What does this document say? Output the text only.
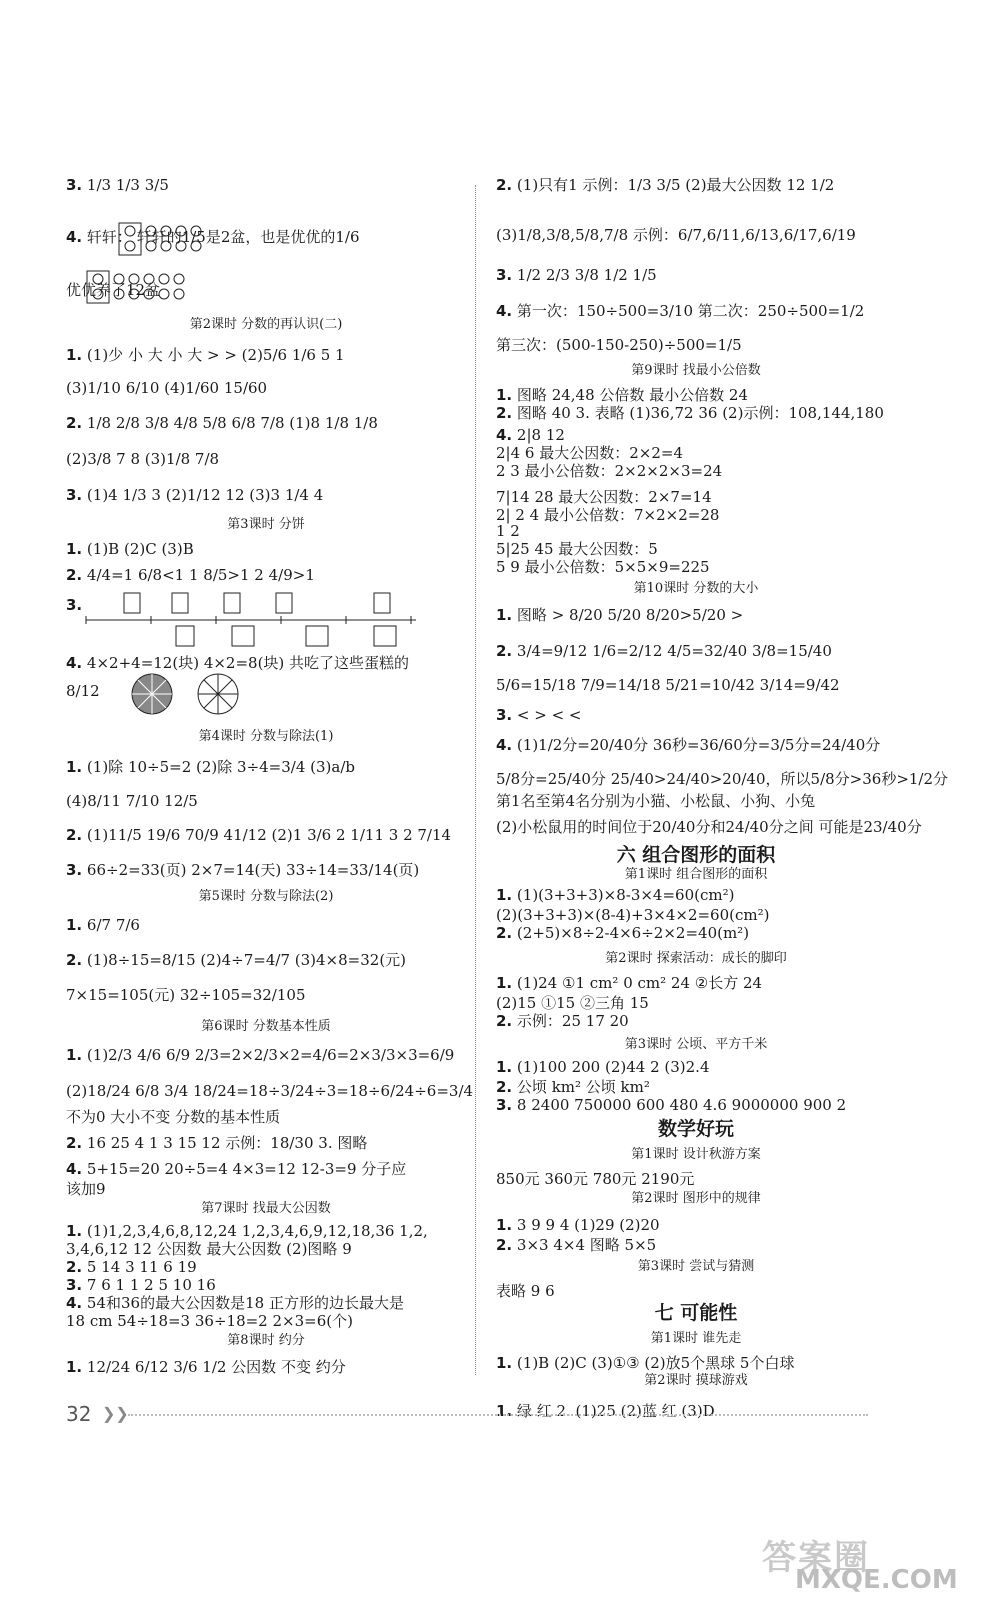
3. 1/3 1/3 3/5
4. 轩轩： 轩轩的1/5是2盆，也是优优的1/6
优优养了12盆
第2课时 分数的再认识(二)
1. (1)少 小 大 小 大 > > (2)5/6 1/6 5 1
(3)1/10 6/10 (4)1/60 15/60
2. 1/8 2/8 3/8 4/8 5/8 6/8 7/8 (1)8 1/8 1/8
(2)3/8 7 8 (3)1/8 7/8
3. (1)4 1/3 3 (2)1/12 12 (3)3 1/4 4
第3课时 分饼
1. (1)B (2)C (3)B
2. 4/4=1 6/8<1 1 8/5>1 2 4/9>1
3.
4. 4×2+4=12(块) 4×2=8(块) 共吃了这些蛋糕的
8/12
第4课时 分数与除法(1)
1. (1)除 10÷5=2 (2)除 3÷4=3/4 (3)a/b
(4)8/11 7/10 12/5
2. (1)11/5 19/6 70/9 41/12 (2)1 3/6 2 1/11 3 2 7/14
3. 66÷2=33(页) 2×7=14(天) 33÷14=33/14(页)
第5课时 分数与除法(2)
1. 6/7 7/6
2. (1)8÷15=8/15 (2)4÷7=4/7 (3)4×8=32(元)
7×15=105(元) 32÷105=32/105
第6课时 分数基本性质
1. (1)2/3 4/6 6/9 2/3=2×2/3×2=4/6=2×3/3×3=6/9
(2)18/24 6/8 3/4 18/24=18÷3/24÷3=18÷6/24÷6=3/4
不为0 大小不变 分数的基本性质
2. 16 25 4 1 3 15 12 示例：18/30 3. 图略
4. 5+15=20 20÷5=4 4×3=12 12-3=9 分子应
该加9
第7课时 找最大公因数
1. (1)1,2,3,4,6,8,12,24 1,2,3,4,6,9,12,18,36 1,2,
3,4,6,12 12 公因数 最大公因数 (2)图略 9
2. 5 14 3 11 6 19
3. 7 6 1 1 2 5 10 16
4. 54和36的最大公因数是18 正方形的边长最大是
18 cm 54÷18=3 36÷18=2 2×3=6(个)
第8课时 约分
1. 12/24 6/12 3/6 1/2 公因数 不变 约分
2. (1)只有1 示例：1/3 3/5 (2)最大公因数 12 1/2
(3)1/8,3/8,5/8,7/8 示例：6/7,6/11,6/13,6/17,6/19
3. 1/2 2/3 3/8 1/2 1/5
4. 第一次：150÷500=3/10 第二次：250÷500=1/2
第三次：(500-150-250)÷500=1/5
第9课时 找最小公倍数
1. 图略 24,48 公倍数 最小公倍数 24
2. 图略 40 3. 表略 (1)36,72 36 (2)示例：108,144,180
4. 2|8 12
2|4 6 最大公因数：2×2=4
2 3 最小公倍数：2×2×2×3=24
7|14 28 最大公因数：2×7=14
2| 2 4 最小公倍数：7×2×2=28
1 2
5|25 45 最大公因数：5
5 9 最小公倍数：5×5×9=225
第10课时 分数的大小
1. 图略 > 8/20 5/20 8/20>5/20 >
2. 3/4=9/12 1/6=2/12 4/5=32/40 3/8=15/40
5/6=15/18 7/9=14/18 5/21=10/42 3/14=9/42
3. < > < <
4. (1)1/2分=20/40分 36秒=36/60分=3/5分=24/40分
5/8分=25/40分 25/40>24/40>20/40，所以5/8分>36秒>1/2分
第1名至第4名分别为小猫、小松鼠、小狗、小兔
(2)小松鼠用的时间位于20/40分和24/40分之间 可能是23/40分
六 组合图形的面积
第1课时 组合图形的面积
1. (1)(3+3+3)×8-3×4=60(cm²)
(2)(3+3+3)×(8-4)+3×4×2=60(cm²)
2. (2+5)×8÷2-4×6÷2×2=40(m²)
第2课时 探索活动：成长的脚印
1. (1)24 ①1 cm² 0 cm² 24 ②长方 24
(2)15 ①15 ②三角 15
2. 示例：25 17 20
第3课时 公顷、平方千米
1. (1)100 200 (2)44 2 (3)2.4
2. 公顷 km² 公顷 km²
3. 8 2400 750000 600 480 4.6 9000000 900 2
数学好玩
第1课时 设计秋游方案
850元 360元 780元 2190元
第2课时 图形中的规律
1. 3 9 9 4 (1)29 (2)20
2. 3×3 4×4 图略 5×5
第3课时 尝试与猜测
表略 9 6
七 可能性
第1课时 谁先走
1. (1)B (2)C (3)①③ (2)放5个黑球 5个白球
第2课时 摸球游戏
1. 绿 红 2. (1)25 (2)蓝 红 (3)D
32 ❯❯
答案圈
MXQE.COM
